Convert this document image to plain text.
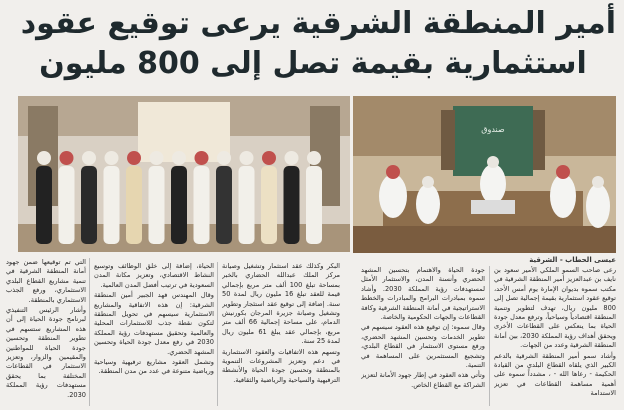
أمير المنطقة الشرقية يرعى توقيع عقود
استثمارية بقيمة تصل إلى 800 مليون
صندوق
عيسى الحطاب - الشرقية

رعى صاحب السمو الملكي الأمير سعود بن نايف بن عبدالعزيز أمير المنطقة الشرقية في مكتب سموه بديوان الإمارة يوم أمس الأحد، توقيع عقود استثمارية بقيمة إجمالية تصل إلى 800 مليون ريال، تهدف لتطوير وتنمية المنطقة اقتصادياً وسياحياً، وترفع معدل جودة الحياة بما ينعكس على القطاعات الأخرى ويحقق أهداف رؤية المملكة 2030، بين أمانة المنطقة الشرقية وعدد من الجهات.

وأشاد سمو أمير المنطقة الشرقية بالدعم الكبير الذي يلقاه القطاع البلدي من القيادة الحكيمة - رعاها الله - ، مشدداً سموه على أهمية مساهمة القطاعات في تعزيز الاستدامة

جودة الحياة والاهتمام بتحسين المشهد الحضري وأنسنة المدن، والاستثمار الأمثل لمستهدفات رؤية المملكة 2030. وأشاد سموه بمبادرات البرامج والمبادرات والخطط الاستراتيجية في أمانة المنطقة الشرقية وكافة القطاعات والجهات الحكومية والخاصة.

وقال سموه: إن توقيع هذه العقود سيسهم في تطوير الخدمات وتحسين المشهد الحضري، ورفع مستوى الاستثمار في القطاع البلدي، وتشجيع المستثمرين على المساهمة في التنمية.

وتأتي هذه العقود في إطار جهود الأمانة لتعزيز الشراكة مع القطاع الخاص.

البكر وكذلك عقد استثمار وتشغيل وصيانة مركز الملك عبدالله الحضاري بالخبر بمساحة تبلغ 100 ألف متر مربع بإجمالي قيمة للعقد تبلغ 16 مليون ريال لمدة 50 سنة. إضافة إلى توقيع عقد استئجار وتطوير وتشغيل وصيانة جزيرة المرجان بكورنيش الدمام، على مساحة إجمالية 66 ألف متر مربع، بإجمالي عقد يبلغ 61 مليون ريال لمدة 25 سنة.

وتسهم هذه الاتفاقيات والعقود الاستثمارية في دعم وتعزيز المشروعات التنموية بالمنطقة وتحسين جودة الحياة والأنشطة الترفيهية والسياحية والرياضية والثقافية.

الحياة، إضافة إلى خلق الوظائف وتوسيع النشاط الاقتصادي، وتعزيز مكانة المدن السعودية في ترتيب أفضل المدن العالمية.

وقال المهندس فهد الجبير أمين المنطقة الشرقية: إن هذه الاتفاقية والمشاريع الاستثمارية سيسهم في تحويل المنطقة لتكون نقطة جذب للاستثمارات المحلية والعالمية وتحقيق مستهدفات رؤية المملكة 2030 في رفع معدل جودة الحياة وتحسين المشهد الحضري.

وتشمل العقود مشاريع ترفيهية وسياحية ورياضية متنوعة في عدد من مدن المنطقة.

التي تم توقيعها ضمن جهود أمانة المنطقة الشرقية في تنمية مشاريع القطاع البلدي الاستثماري، ورفع الجذب الاستثماري بالمنطقة.

وأشار الرئيس التنفيذي لبرنامج جودة الحياة إلى أن هذه المشاريع ستسهم في تطوير المنطقة وتحسين جودة الحياة للمواطنين والمقيمين والزوار، وتعزيز الاستثمار في القطاعات المختلفة بما يحقق مستهدفات رؤية المملكة 2030.
